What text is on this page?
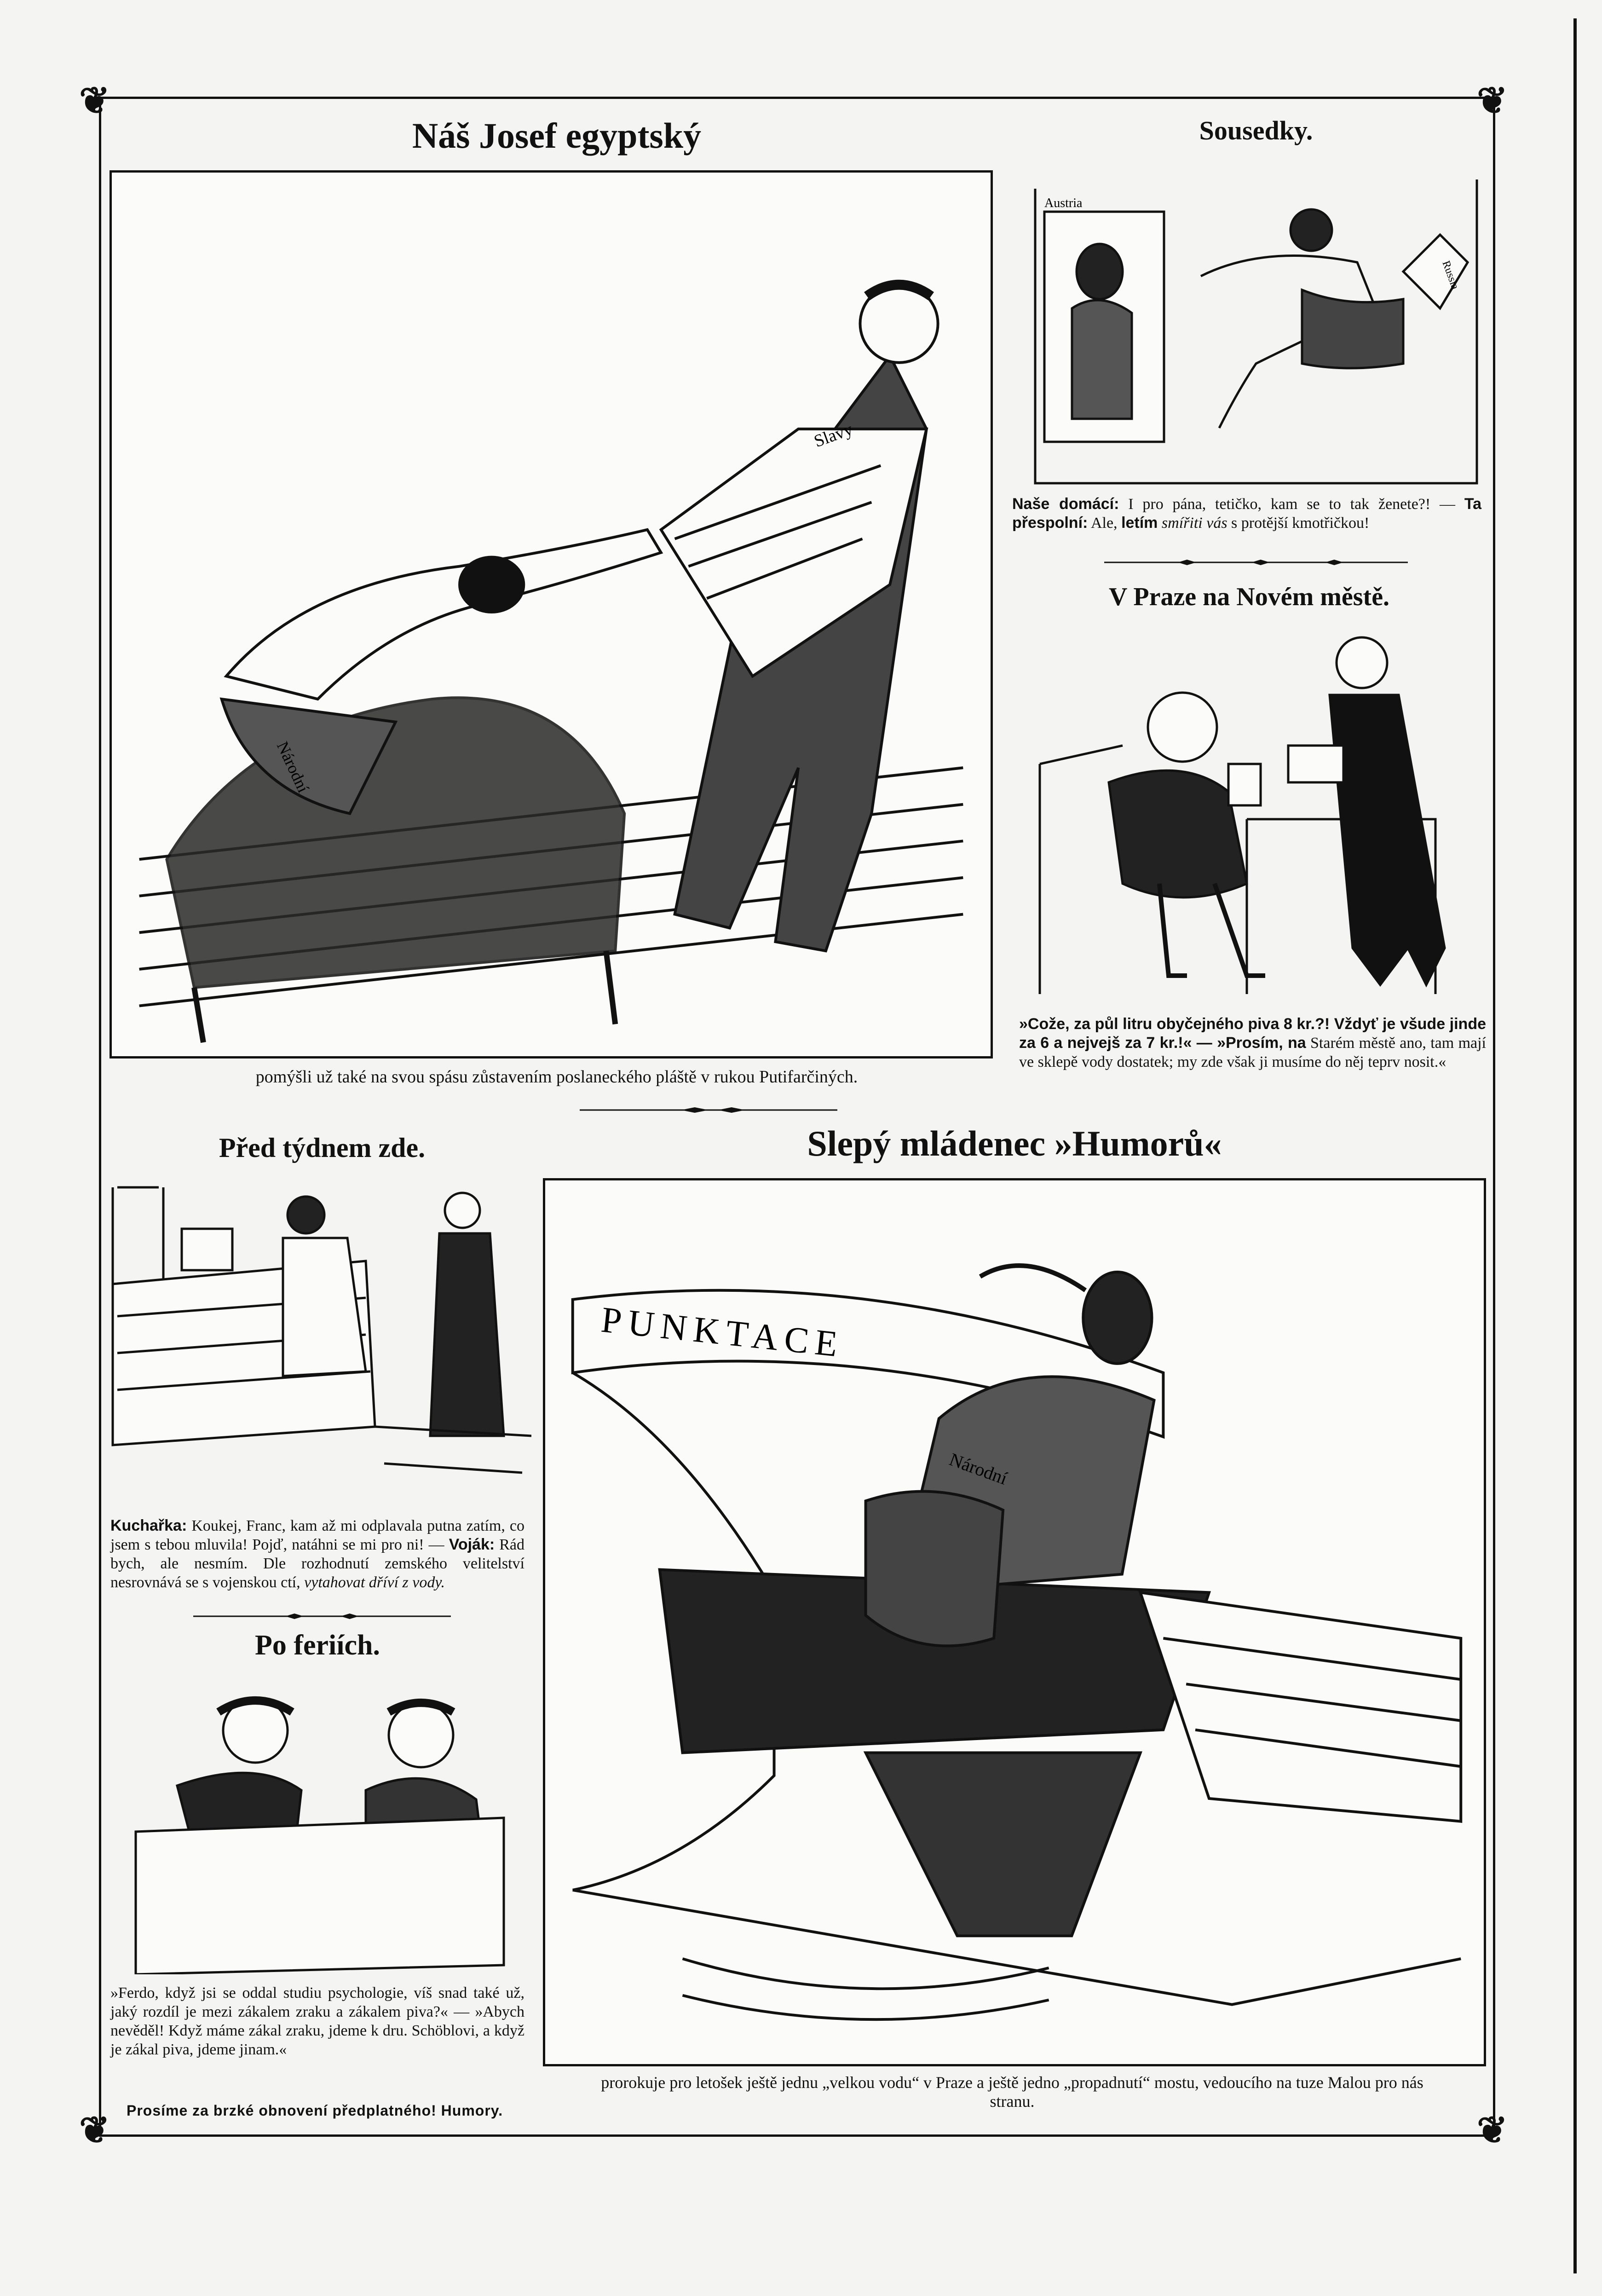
❦	❦
❦	❦
Náš Josef egyptský
Slavy
Národní
pomýšli už také na svou spásu zůstavením poslaneckého pláště v rukou Putifarčiných.
Sousedky.
Austria
Russia
Naše domácí: I pro pána, tetičko, kam se to tak ženete?! — Ta přespolní: Ale, letím smířiti vás s protější kmotřičkou!
V Praze na Novém městě.
»Cože, za půl litru obyčejného piva 8 kr.?! Vždyť je všude jinde za 6 a nejvejš za 7 kr.!« — »Prosím, na Starém městě ano, tam mají ve sklepě vody dostatek; my zde však ji musíme do něj teprv nosit.«
Před týdnem zde.
Kuchařka: Koukej, Franc, kam až mi odplavala putna zatím, co jsem s tebou mluvila! Pojď, natáhni se mi pro ni! — Voják: Rád bych, ale nesmím. Dle rozhodnutí zemského velitelství nesrovnává se s vojenskou ctí, vytahovat dříví z vody.
Po feriích.
»Ferdo, když jsi se oddal studiu psychologie, víš snad také už, jaký rozdíl je mezi zákalem zraku a zákalem piva?« — »Abych nevěděl! Když máme zákal zraku, jdeme k dru. Schöblovi, a když je zákal piva, jdeme jinam.«
Prosíme za brzké obnovení předplatného! Humory.
Slepý mládenec »Humorů«
PUNKTACE
Národní
prorokuje pro letošek ještě jednu „velkou vodu“ v Praze a ještě jedno „propadnutí“ mostu, vedoucího na tuze Malou pro nás stranu.
